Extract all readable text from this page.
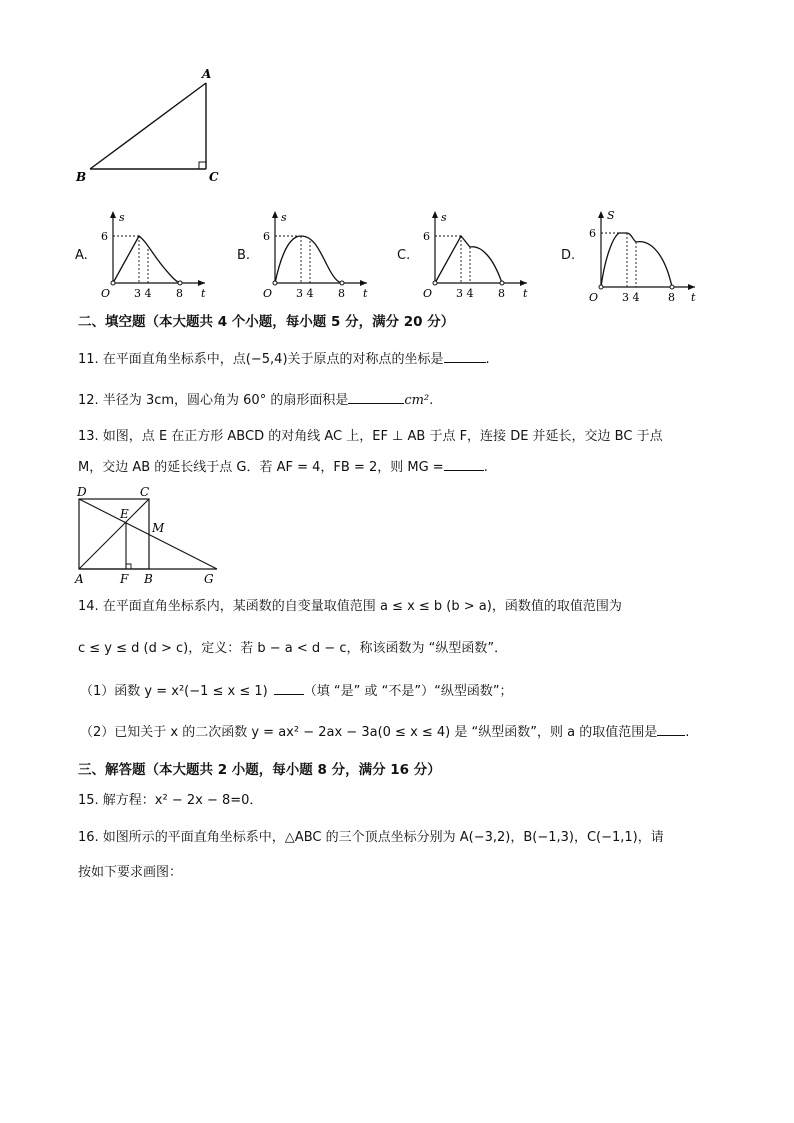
A
B	C
A.
s
6
O 3 4 8 t
B.
s
6
O 3 4 8 t
C.
s
6
O 3 4 8 t
D.
S
6
O 3 4	8 t
二、填空题（本大题共 4 个小题，每小题 5 分，满分 20 分）
11. 在平面直角坐标系中，点(−5,4)关于原点的对称点的坐标是	.
12. 半径为 3cm，圆心角为 60° 的扇形面积是	cm².
13. 如图，点 E 在正方形 ABCD 的对角线 AC 上，EF ⊥ AB 于点 F，连接 DE 并延长，交边 BC 于点
M，交边 AB 的延长线于点 G．若 AF = 4，FB = 2，则 MG =	.
D	C
E
M
A	F B	G
14. 在平面直角坐标系内，某函数的自变量取值范围 a ≤ x ≤ b (b > a)，函数值的取值范围为
c ≤ y ≤ d (d > c)，定义：若 b − a < d − c，称该函数为 “纵型函数”．
（1）函数 y = x²(−1 ≤ x ≤ 1)	（填 “是” 或 “不是”）“纵型函数”；
（2）已知关于 x 的二次函数 y = ax² − 2ax − 3a(0 ≤ x ≤ 4) 是 “纵型函数”，则 a 的取值范围是 .
三、解答题（本大题共 2 小题，每小题 8 分，满分 16 分）
15. 解方程：x² − 2x − 8=0．
16. 如图所示的平面直角坐标系中，△ABC 的三个顶点坐标分别为 A(−3,2)，B(−1,3)，C(−1,1)，请
按如下要求画图：
